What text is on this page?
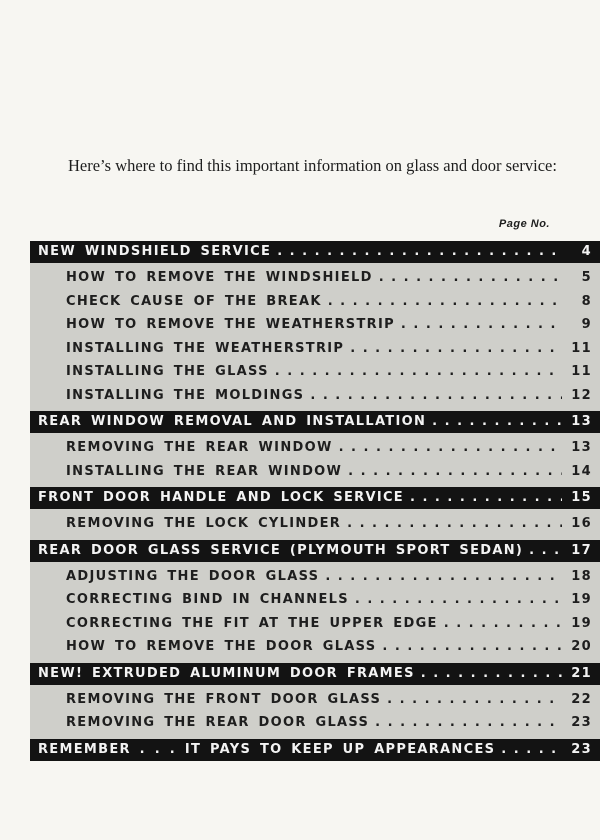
Here’s where to find this important information on glass and door service:
Page No.
NEW WINDSHIELD SERVICE . . .	4
HOW TO REMOVE THE WINDSHIELD . . .	5
CHECK CAUSE OF THE BREAK . . .	8
HOW TO REMOVE THE WEATHERSTRIP . . .	9
INSTALLING THE WEATHERSTRIP . . .	11
INSTALLING THE GLASS . . .	11
INSTALLING THE MOLDINGS . . .	12
REAR WINDOW REMOVAL AND INSTALLATION . . .	13
REMOVING THE REAR WINDOW . . .	13
INSTALLING THE REAR WINDOW . . .	14
FRONT DOOR HANDLE AND LOCK SERVICE . . .	15
REMOVING THE LOCK CYLINDER . . .	16
REAR DOOR GLASS SERVICE (PLYMOUTH SPORT SEDAN) . . .	17
ADJUSTING THE DOOR GLASS . . .	18
CORRECTING BIND IN CHANNELS . . .	19
CORRECTING THE FIT AT THE UPPER EDGE . . .	19
HOW TO REMOVE THE DOOR GLASS . . .	20
NEW! EXTRUDED ALUMINUM DOOR FRAMES . . .	21
REMOVING THE FRONT DOOR GLASS . . .	22
REMOVING THE REAR DOOR GLASS . . .	23
REMEMBER . . . IT PAYS TO KEEP UP APPEARANCES . . .	23
